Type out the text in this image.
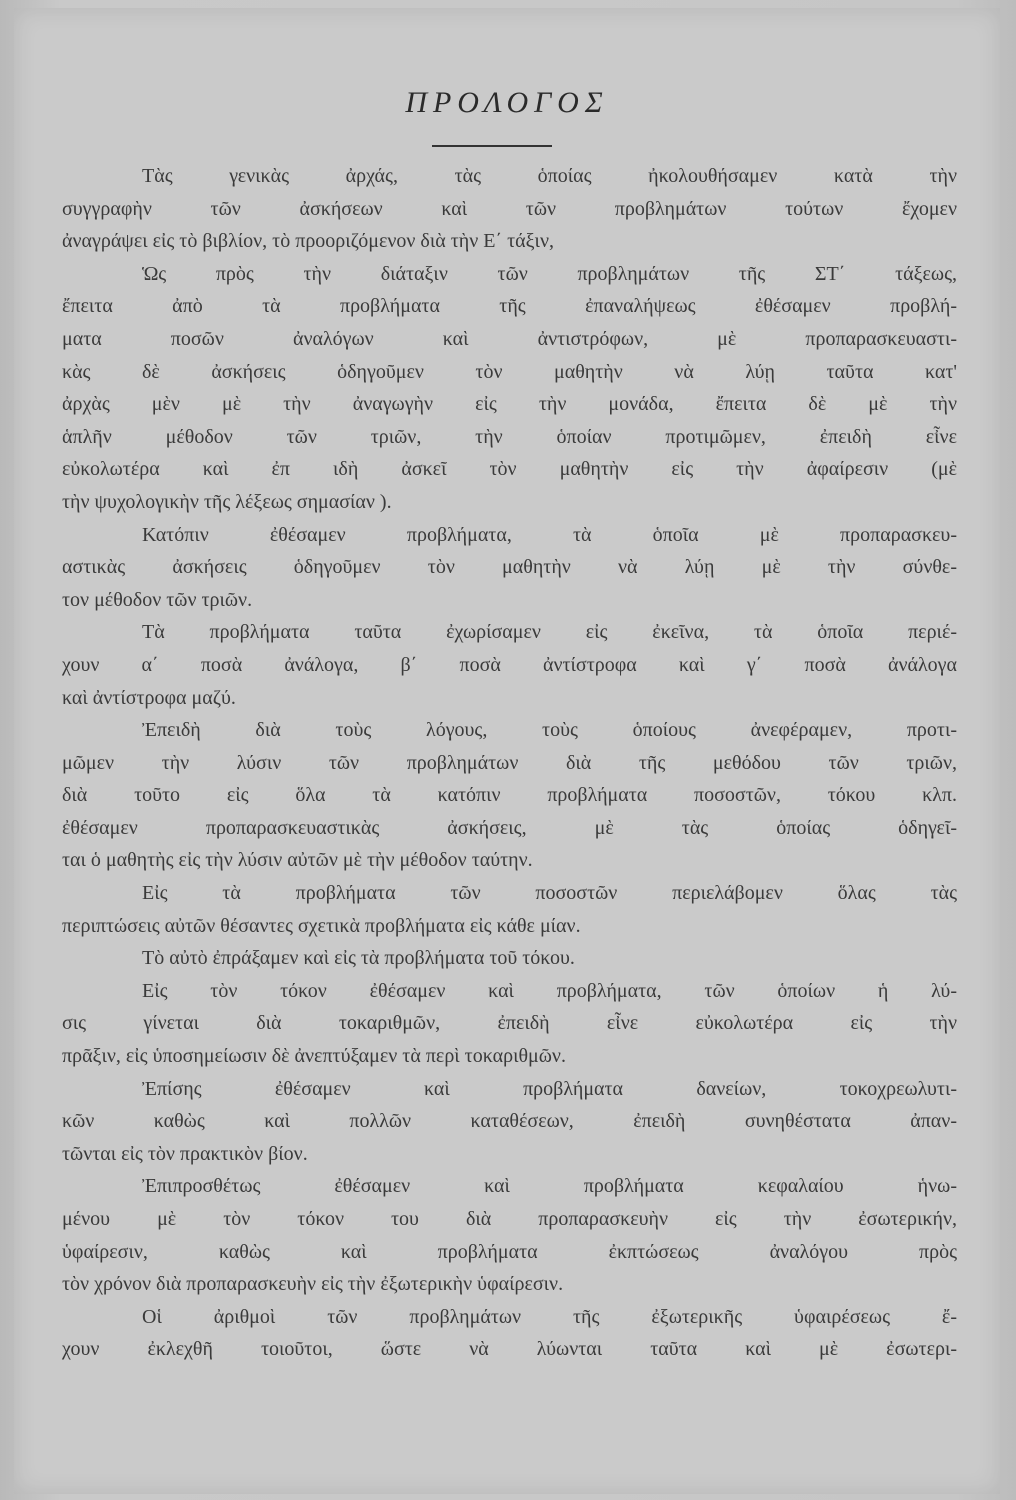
ΠΡΟΛΟΓΟΣ
Τὰς γενικὰς ἀρχάς, τὰς ὁποίας ἠκολουθήσαμεν κατὰ τὴν
συγγραφὴν τῶν ἀσκήσεων καὶ τῶν προβλημάτων τούτων ἔχομεν
ἀναγράψει εἰς τὸ βιβλίον, τὸ προοριζόμενον διὰ τὴν Ε΄ τάξιν,
Ὡς πρὸς τὴν διάταξιν τῶν προβλημάτων τῆς ΣΤ΄ τάξεως,
ἔπειτα ἀπὸ τὰ προβλήματα τῆς ἐπαναλήψεως ἐθέσαμεν προβλή-
ματα ποσῶν ἀναλόγων καὶ ἀντιστρόφων, μὲ προπαρασκευαστι-
κὰς δὲ ἀσκήσεις ὁδηγοῦμεν τὸν μαθητὴν νὰ λύῃ ταῦτα κατ'
ἀρχὰς μὲν μὲ τὴν ἀναγωγὴν εἰς τὴν μονάδα, ἔπειτα δὲ μὲ τὴν
ἁπλῆν μέθοδον τῶν τριῶν, τὴν ὁποίαν προτιμῶμεν, ἐπειδὴ εἶνε
εὐκολωτέρα καὶ ἐπ ιδὴ ἀσκεῖ τὸν μαθητὴν εἰς τὴν ἀφαίρεσιν (μὲ
τὴν ψυχολογικὴν τῆς λέξεως σημασίαν ).
Κατόπιν ἐθέσαμεν προβλήματα, τὰ ὁποῖα μὲ προπαρασκευ-
αστικὰς ἀσκήσεις ὁδηγοῦμεν τὸν μαθητὴν νὰ λύῃ μὲ τὴν σύνθε-
τον μέθοδον τῶν τριῶν.
Τὰ προβλήματα ταῦτα ἐχωρίσαμεν εἰς ἐκεῖνα, τὰ ὁποῖα περιέ-
χουν α΄ ποσὰ ἀνάλογα, β΄ ποσὰ ἀντίστροφα καὶ γ΄ ποσὰ ἀνάλογα
καὶ ἀντίστροφα μαζύ.
Ἐπειδὴ διὰ τοὺς λόγους, τοὺς ὁποίους ἀνεφέραμεν, προτι-
μῶμεν τὴν λύσιν τῶν προβλημάτων διὰ τῆς μεθόδου τῶν τριῶν,
διὰ τοῦτο εἰς ὅλα τὰ κατόπιν προβλήματα ποσοστῶν, τόκου κλπ.
ἐθέσαμεν προπαρασκευαστικὰς ἀσκήσεις, μὲ τὰς ὁποίας ὁδηγεῖ-
ται ὁ μαθητὴς εἰς τὴν λύσιν αὐτῶν μὲ τὴν μέθοδον ταύτην.
Εἰς τὰ προβλήματα τῶν ποσοστῶν περιελάβομεν ὅλας τὰς
περιπτώσεις αὐτῶν θέσαντες σχετικὰ προβλήματα εἰς κάθε μίαν.
Τὸ αὐτὸ ἐπράξαμεν καὶ εἰς τὰ προβλήματα τοῦ τόκου.
Εἰς τὸν τόκον ἐθέσαμεν καὶ προβλήματα, τῶν ὁποίων ἡ λύ-
σις γίνεται διὰ τοκαριθμῶν, ἐπειδὴ εἶνε εὐκολωτέρα εἰς τὴν
πρᾶξιν, εἰς ὑποσημείωσιν δὲ ἀνεπτύξαμεν τὰ περὶ τοκαριθμῶν.
Ἐπίσης ἐθέσαμεν καὶ προβλήματα δανείων, τοκοχρεωλυτι-
κῶν καθὼς καὶ πολλῶν καταθέσεων, ἐπειδὴ συνηθέστατα ἀπαν-
τῶνται εἰς τὸν πρακτικὸν βίον.
Ἐπιπροσθέτως ἐθέσαμεν καὶ προβλήματα κεφαλαίου ἡνω-
μένου μὲ τὸν τόκον του διὰ προπαρασκευὴν εἰς τὴν ἐσωτερικήν,
ὑφαίρεσιν, καθὼς καὶ προβλήματα ἐκπτώσεως ἀναλόγου πρὸς
τὸν χρόνον διὰ προπαρασκευὴν εἰς τὴν ἐξωτερικὴν ὑφαίρεσιν.
Οἱ ἀριθμοὶ τῶν προβλημάτων τῆς ἐξωτερικῆς ὑφαιρέσεως ἔ-
χουν ἐκλεχθῆ τοιοῦτοι, ὥστε νὰ λύωνται ταῦτα καὶ μὲ ἐσωτερι-
